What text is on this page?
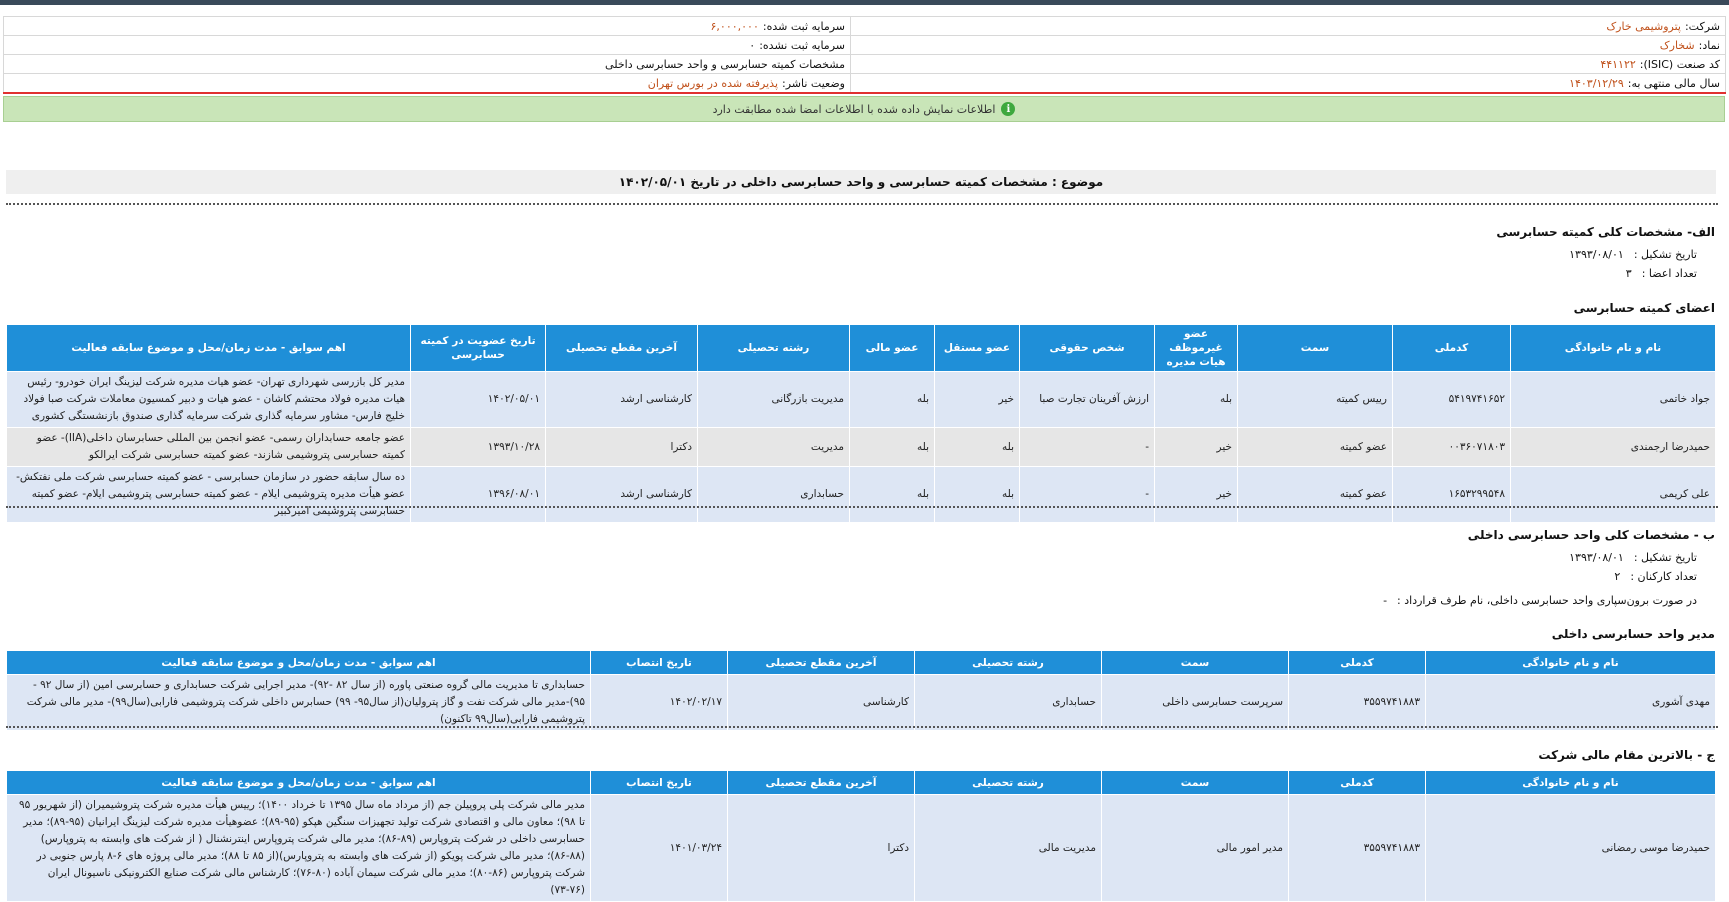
شرکت:پتروشیمی خارک	سرمایه ثبت شده:۶,۰۰۰,۰۰۰
نماد:شخارک	سرمایه ثبت نشده:۰
کد صنعت (ISIC):۴۴۱۱۲۲	مشخصات کمیته حسابرسی و واحد حسابرسی داخلی
سال مالی منتهی به:۱۴۰۳/۱۲/۲۹	وضعیت ناشر:پذیرفته شده در بورس تهران
i
اطلاعات نمایش داده شده با اطلاعات امضا شده مطابقت دارد
موضوع : مشخصات کمیته حسابرسی و واحد حسابرسی داخلی در تاریخ ۱۴۰۲/۰۵/۰۱
الف- مشخصات کلی کمیته حسابرسی
تاریخ تشکیل :۱۳۹۳/۰۸/۰۱
تعداد اعضا :۳
اعضای کمیته حسابرسی
نام و نام خانوادگی	کدملی	سمت	عضو غیرموظف هیات مدیره	شخص حقوقی	عضو مستقل	عضو مالی	رشته تحصیلی	آخرین مقطع تحصیلی	تاریخ عضویت در کمیته حسابرسی	اهم سوابق - مدت زمان/محل و موضوع سابقه فعالیت
جواد خاتمی	۵۴۱۹۷۴۱۶۵۲	رییس کمیته	بله	ارزش آفرینان تجارت صبا	خیر	بله	مدیریت بازرگانی	کارشناسی ارشد	۱۴۰۲/۰۵/۰۱	مدیر کل بازرسی شهرداری تهران- عضو هیات مدیره شرکت لیزینگ ایران خودرو- رئیس هیات مدیره فولاد محتشم کاشان - عضو هیات و دبیر کمسیون معاملات شرکت صبا فولاد خلیج فارس- مشاور سرمایه گذاری شرکت سرمایه گذاری صندوق بازنشستگی کشوری
حمیدرضا ارجمندی	۰۰۳۶۰۷۱۸۰۳	عضو کمیته	خیر	-	بله	بله	مدیریت	دکترا	۱۳۹۳/۱۰/۲۸	عضو جامعه حسابداران رسمی- عضو انجمن بین المللی حسابرسان داخلی(IIA)- عضو کمیته حسابرسی پتروشیمی شازند- عضو کمیته حسابرسی شرکت ایرالکو
علی کریمی	۱۶۵۳۲۹۹۵۴۸	عضو کمیته	خیر	-	بله	بله	حسابداری	کارشناسی ارشد	۱۳۹۶/۰۸/۰۱	ده سال سابقه حضور در سازمان حسابرسی - عضو کمیته حسابرسی شرکت ملی نفتکش- عضو هیأت مدیره پتروشیمی ایلام - عضو کمیته حسابرسی پتروشیمی ایلام- عضو کمیته حسابرسی پتروشیمی امیرکبیر
ب - مشخصات کلی واحد حسابرسی داخلی
تاریخ تشکیل :۱۳۹۳/۰۸/۰۱
تعداد کارکنان :۲
در صورت برون‌سپاری واحد حسابرسی داخلی، نام طرف قرارداد :-
مدیر واحد حسابرسی داخلی
نام و نام خانوادگی	کدملی	سمت	رشته تحصیلی	آخرین مقطع تحصیلی	تاریخ انتصاب	اهم سوابق - مدت زمان/محل و موضوع سابقه فعالیت
مهدی آشوری	۳۵۵۹۷۴۱۸۸۳	سرپرست حسابرسی داخلی	حسابداری	کارشناسی	۱۴۰۲/۰۲/۱۷	حسابداری تا مدیریت مالی گروه صنعتی پاوره (از سال ۸۲ -۹۲)- مدیر اجرایی شرکت حسابداری و حسابرسی امین (از سال ۹۲ - ۹۵)-مدیر مالی شرکت نفت و گاز پترولیان(از سال۹۵- ۹۹) حسابرس داخلی شرکت پتروشیمی فارابی(سال۹۹)- مدیر مالی شرکت پتروشیمی فارابی(سال۹۹ تاکنون)
ج - بالاترین مقام مالی شرکت
نام و نام خانوادگی	کدملی	سمت	رشته تحصیلی	آخرین مقطع تحصیلی	تاریخ انتصاب	اهم سوابق - مدت زمان/محل و موضوع سابقه فعالیت
حمیدرضا موسی رمضانی	۳۵۵۹۷۴۱۸۸۳	مدیر امور مالی	مدیریت مالی	دکترا	۱۴۰۱/۰۳/۲۴	مدیر مالی شرکت پلی پروپیلن جم (از مرداد ماه سال ۱۳۹۵ تا خرداد ۱۴۰۰)؛ رییس هیأت مدیره شرکت پتروشیمیران (از شهریور ۹۵ تا ۹۸)؛ معاون مالی و اقتصادی شرکت تولید تجهیزات سنگین هپکو (۹۵-۸۹)؛ عضوهیأت مدیره شرکت لیزینگ ایرانیان (۹۵-۸۹)؛ مدیر حسابرسی داخلی در شرکت پتروپارس (۸۹-۸۶)؛ مدیر مالی شرکت پتروپارس اینترنشنال ( از شرکت های وابسته به پتروپارس) (۸۸-۸۶)؛ مدیر مالی شرکت پویکو (از شرکت های وابسته به پتروپارس)(از ۸۵ تا ۸۸)؛ مدیر مالی پروژه های ۶-۸ پارس جنوبی در شرکت پتروپارس (۸۶-۸۰)؛ مدیر مالی شرکت سیمان آباده (۸۰-۷۶)؛ کارشناس مالی شرکت صنایع الکترونیکی ناسیونال ایران (۷۶-۷۳)
